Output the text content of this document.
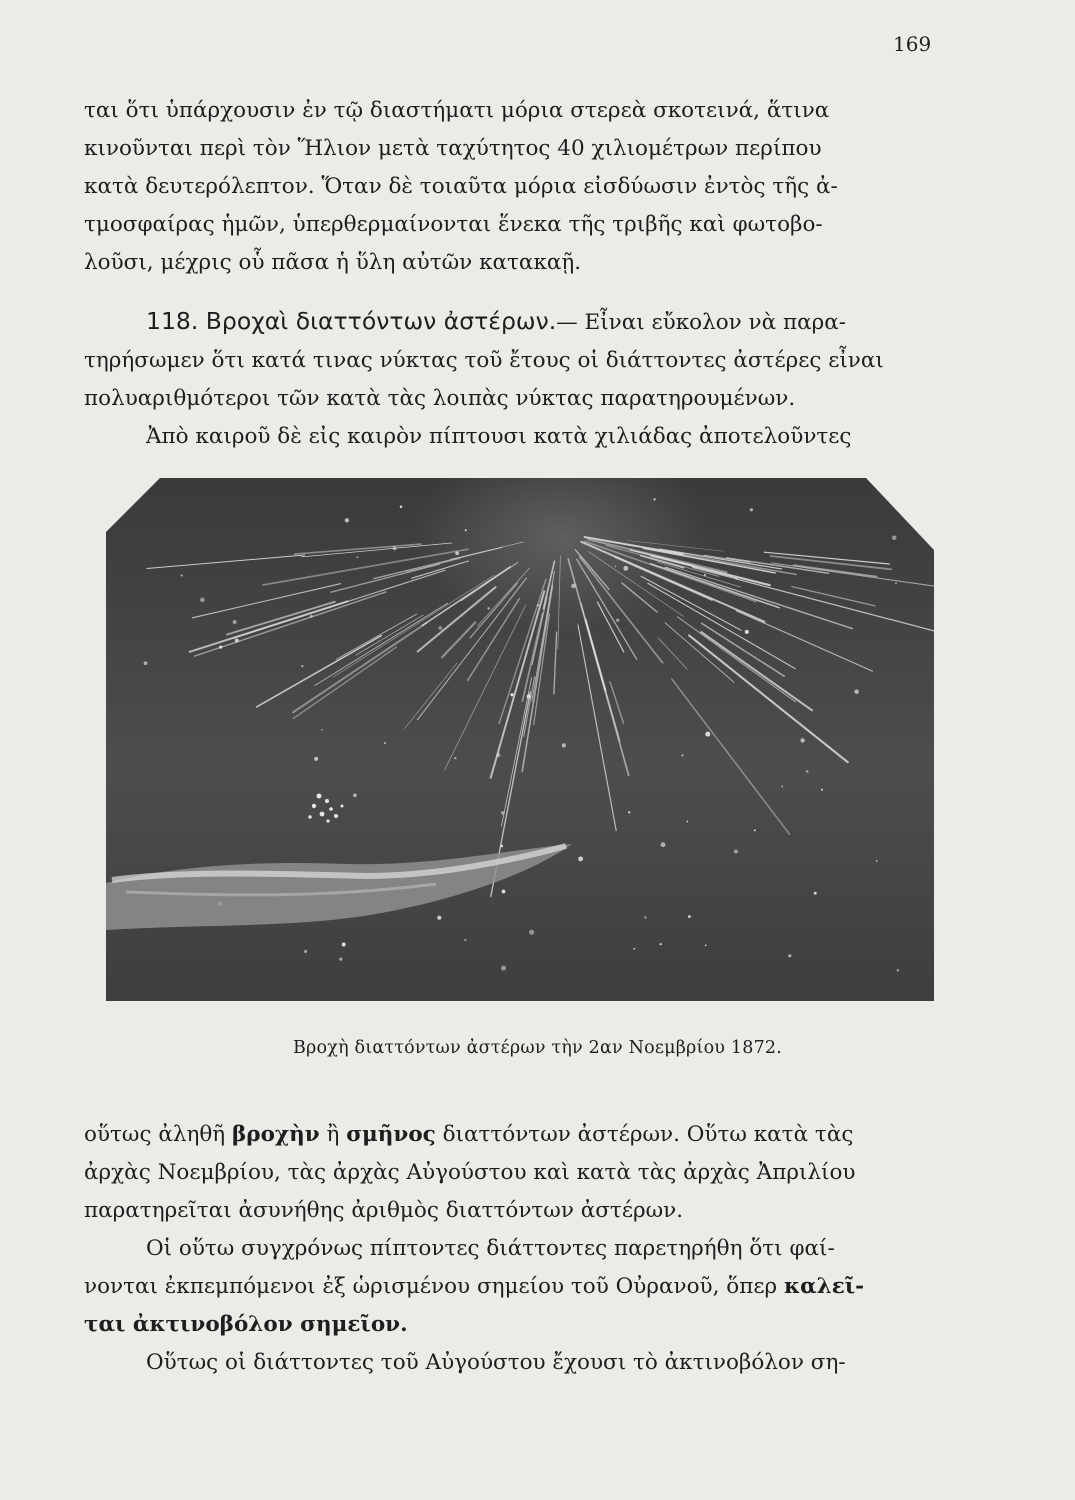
169

ται ὅτι ὑπάρχουσιν ἐν τῷ διαστήματι μόρια στερεὰ σκοτεινά, ἅτινα

κινοῦνται περὶ τὸν Ἥλιον μετὰ ταχύτητος 40 χιλιομέτρων περίπου

κατὰ δευτερόλεπτον. Ὅταν δὲ τοιαῦτα μόρια εἰσδύωσιν ἐντὸς τῆς ἀ-

τμοσφαίρας ἡμῶν, ὑπερθερμαίνονται ἕνεκα τῆς τριβῆς καὶ φωτοβο-

λοῦσι, μέχρις οὗ πᾶσα ἡ ὕλη αὐτῶν κατακαῇ.

118. Βροχαὶ διαττόντων ἀστέρων.— Εἶναι εὔκολον νὰ παρα-

τηρήσωμεν ὅτι κατά τινας νύκτας τοῦ ἔτους οἱ διάττοντες ἀστέρες εἶναι

πολυαριθμότεροι τῶν κατὰ τὰς λοιπὰς νύκτας παρατηρουμένων.

Ἀπὸ καιροῦ δὲ εἰς καιρὸν πίπτουσι κατὰ χιλιάδας ἀποτελοῦντες

Βροχὴ διαττόντων ἀστέρων τὴν 2αν Νοεμβρίου 1872.

οὕτως ἀληθῆ βροχὴν ἢ σμῆνος διαττόντων ἀστέρων. Οὕτω κατὰ τὰς

ἀρχὰς Νοεμβρίου, τὰς ἀρχὰς Αὐγούστου καὶ κατὰ τὰς ἀρχὰς Ἀπριλίου

παρατηρεῖται ἀσυνήθης ἀριθμὸς διαττόντων ἀστέρων.

Οἱ οὕτω συγχρόνως πίπτοντες διάττοντες παρετηρήθη ὅτι φαί-

νονται ἐκπεμπόμενοι ἐξ ὡρισμένου σημείου τοῦ Οὐρανοῦ, ὅπερ καλεῖ-

ται ἀκτινοβόλον σημεῖον.

Οὕτως οἱ διάττοντες τοῦ Αὐγούστου ἔχουσι τὸ ἀκτινοβόλον ση-
